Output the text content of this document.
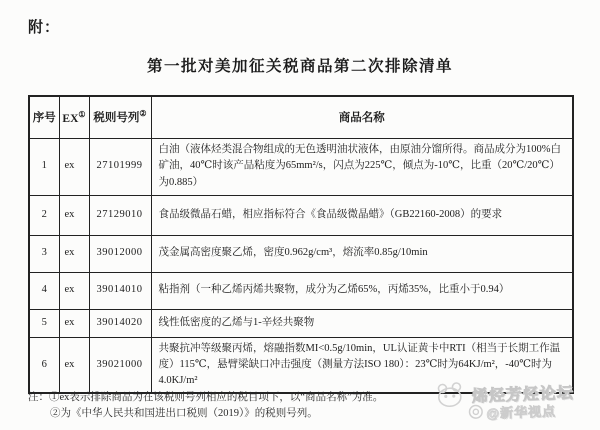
附：
第一批对美加征关税商品第二次排除清单
序号	EX①	税则号列②	商品名称
1	ex	27101999	白油（液体烃类混合物组成的无色透明油状液体，由原油分馏所得。商品成分为100%白矿油，40℃时该产品粘度为65mm²/s，闪点为225℃，倾点为-10℃，比重（20℃/20℃）为0.885）
2	ex	27129010	食品级微晶石蜡，相应指标符合《食品级微晶蜡》（GB22160-2008）的要求
3	ex	39012000	茂金属高密度聚乙烯，密度0.962g/cm³，熔流率0.85g/10min
4	ex	39014010	粘指剂（一种乙烯丙烯共聚物，成分为乙烯65%，丙烯35%，比重小于0.94）
5	ex	39014020	线性低密度的乙烯与1-辛烃共聚物
6	ex	39021000	共聚抗冲等级聚丙烯，熔融指数MI<0.5g/10min，UL认证黄卡中RTI（相当于长期工作温度）115℃，悬臂梁缺口冲击强度（测量方法ISO 180）：23℃时为64KJ/m²，-40℃时为4.0KJ/m²
注：①ex表示排除商品为在该税则号列相应的税目项下，以“商品名称”为准。
②为《中华人民共和国进出口税则（2019）》的税则号列。
烯烃芳烃论坛
@新华视点
